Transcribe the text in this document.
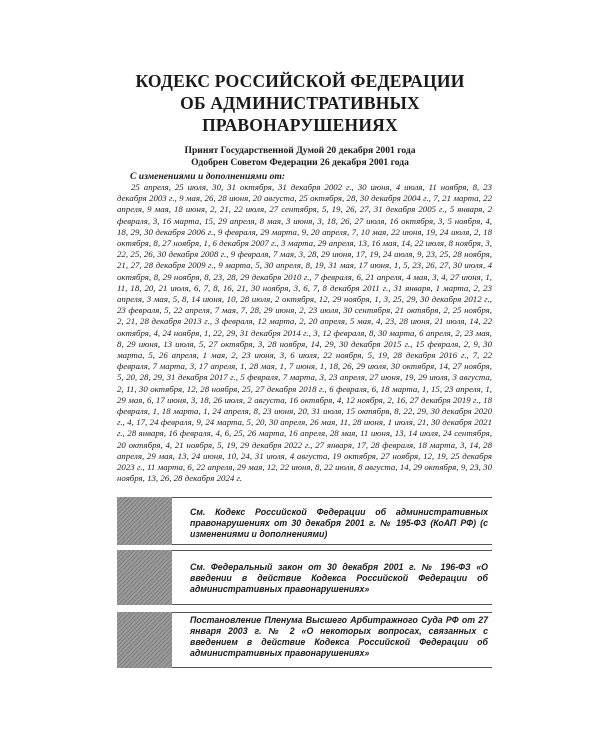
КОДЕКС РОССИЙСКОЙ ФЕДЕРАЦИИ
ОБ АДМИНИСТРАТИВНЫХ
ПРАВОНАРУШЕНИЯХ
Принят Государственной Думой 20 декабря 2001 года
Одобрен Советом Федерации 26 декабря 2001 года
С изменениями и дополнениями от:

25 апреля, 25 июля, 30, 31 октября, 31 декабря 2002 г., 30 июня, 4 июля, 11 ноября, 8, 23 декабря 2003 г., 9 мая, 26, 28 июня, 20 августа, 25 октября, 28, 30 декабря 2004 г., 7, 21 марта, 22 апреля, 9 мая, 18 июня, 2, 21, 22 июля, 27 сентября, 5, 19, 26, 27, 31 декабря 2005 г., 5 января, 2 февраля, 3, 16 марта, 15, 29 апреля, 8 мая, 3 июня, 3, 18, 26, 27 июля, 16 октября, 3, 5 ноября, 4, 18, 29, 30 декабря 2006 г., 9 февраля, 29 марта, 9, 20 апреля, 7, 10 мая, 22 июня, 19, 24 июля, 2, 18 октября, 8, 27 ноября, 1, 6 декабря 2007 г., 3 марта, 29 апреля, 13, 16 мая, 14, 22 июля, 8 ноября, 3, 22, 25, 26, 30 декабря 2008 г., 9 февраля, 7 мая, 3, 28, 29 июня, 17, 19, 24 июля, 9, 23, 25, 28 ноября, 21, 27, 28 декабря 2009 г., 9 марта, 5, 30 апреля, 8, 19, 31 мая, 17 июня, 1, 5, 23, 26, 27, 30 июля, 4 октября, 8, 29 ноября, 8, 23, 28, 29 декабря 2010 г., 7 февраля, 6, 21 апреля, 4 мая, 3, 4, 27 июня, 1, 11, 18, 20, 21 июля, 6, 7, 8, 16, 21, 30 ноября, 3, 6, 7, 8 декабря 2011 г., 31 января, 1 марта, 2, 23 апреля, 3 мая, 5, 8, 14 июня, 10, 28 июля, 2 октября, 12, 29 ноября, 1, 3, 25, 29, 30 декабря 2012 г., 23 февраля, 5, 22 апреля, 7 мая, 7, 28, 29 июня, 2, 23 июля, 30 сентября, 21 октября, 2, 25 ноября, 2, 21, 28 декабря 2013 г., 3 февраля, 12 марта, 2, 20 апреля, 5 мая, 4, 23, 28 июня, 21 июля, 14, 22 октября, 4, 24 ноября, 1, 22, 29, 31 декабря 2014 г., 3, 12 февраля, 8, 30 марта, 6 апреля, 2, 23 мая, 8, 29 июня, 13 июля, 5, 27 октября, 3, 28 ноября, 14, 29, 30 декабря 2015 г., 15 февраля, 2, 9, 30 марта, 5, 26 апреля, 1 мая, 2, 23 июня, 3, 6 июля, 22 ноября, 5, 19, 28 декабря 2016 г., 7, 22 февраля, 7 марта, 3, 17 апреля, 1, 28 мая, 1, 7 июня, 1, 18, 26, 29 июля, 30 октября, 14, 27 ноября, 5, 20, 28, 29, 31 декабря 2017 г., 5 февраля, 7 марта, 3, 23 апреля, 27 июня, 19, 29 июля, 3 августа, 2, 11, 30 октября, 12, 28 ноября, 25, 27 декабря 2018 г., 6 февраля, 6, 18 марта, 1, 15, 23 апреля, 1, 29 мая, 6, 17 июня, 3, 18, 26 июля, 2 августа, 16 октября, 4, 12 ноября, 2, 16, 27 декабря 2019 г., 18 февраля, 1, 18 марта, 1, 24 апреля, 8, 23 июня, 20, 31 июля, 15 октября, 8, 22, 29, 30 декабря 2020 г., 4, 17, 24 февраля, 9, 24 марта, 5, 20, 30 апреля, 26 мая, 11, 28 июня, 1 июля, 21, 30 декабря 2021 г., 28 января, 16 февраля, 4, 6, 25, 26 марта, 16 апреля, 28 мая, 11 июня, 13, 14 июля, 24 сентября, 20 октября, 4, 21 ноября, 5, 19, 29 декабря 2022 г., 27 января, 17, 28 февраля, 18 марта, 3, 14, 28 апреля, 29 мая, 13, 24 июня, 10, 24, 31 июля, 4 августа, 19 октября, 27 ноября, 12, 19, 25 декабря 2023 г., 11 марта, 6, 22 апреля, 29 мая, 12, 22 июня, 8, 22 июля, 8 августа, 14, 29 октября, 9, 23, 30 ноября, 13, 26, 28 декабря 2024 г.

См. Кодекс Российской Федерации об административных правонарушениях от 30 декабря 2001 г. № 195-ФЗ (КоАП РФ) (с изменениями и дополнениями)

См. Федеральный закон от 30 декабря 2001 г. № 196-ФЗ «О введении в действие Кодекса Российской Федерации об административных правонарушениях»

Постановление Пленума Высшего Арбитражного Суда РФ от 27 января 2003 г. № 2 «О некоторых вопросах, связанных с введением в действие Кодекса Российской Федерации об административных правонарушениях»
